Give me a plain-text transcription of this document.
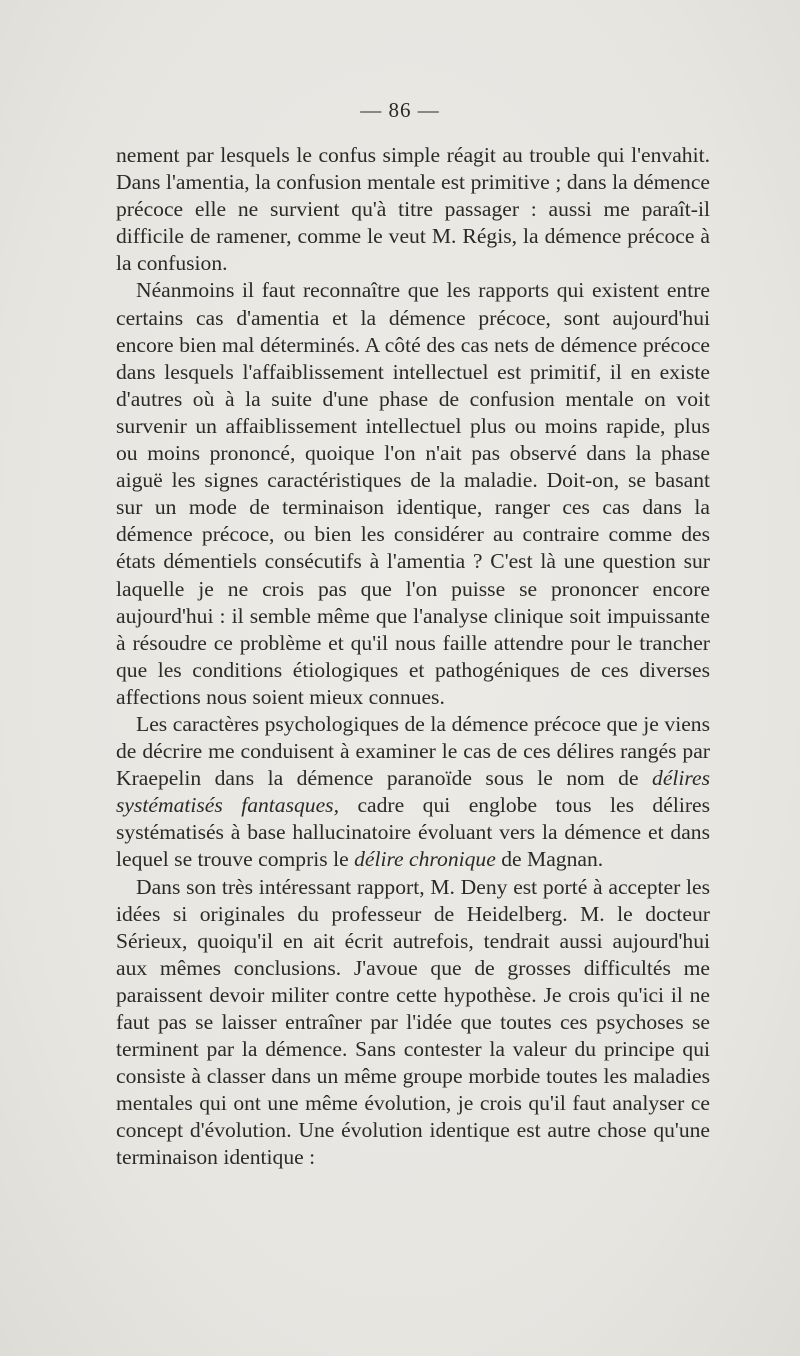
— 86 —

nement par lesquels le confus simple réagit au trouble qui l'envahit. Dans l'amentia, la confusion mentale est primitive ; dans la démence précoce elle ne survient qu'à titre passager : aussi me paraît-il difficile de ramener, comme le veut M. Régis, la démence précoce à la confusion.

Néanmoins il faut reconnaître que les rapports qui existent entre certains cas d'amentia et la démence précoce, sont aujourd'hui encore bien mal déterminés. A côté des cas nets de démence précoce dans lesquels l'affaiblissement intellectuel est primitif, il en existe d'autres où à la suite d'une phase de confusion mentale on voit survenir un affaiblissement intellectuel plus ou moins rapide, plus ou moins prononcé, quoique l'on n'ait pas observé dans la phase aiguë les signes caractéristiques de la maladie. Doit-on, se basant sur un mode de terminaison identique, ranger ces cas dans la démence précoce, ou bien les considérer au contraire comme des états démentiels consécutifs à l'amentia ? C'est là une question sur laquelle je ne crois pas que l'on puisse se prononcer encore aujourd'hui : il semble même que l'analyse clinique soit impuissante à résoudre ce problème et qu'il nous faille attendre pour le trancher que les conditions étiologiques et pathogéniques de ces diverses affections nous soient mieux connues.

Les caractères psychologiques de la démence précoce que je viens de décrire me conduisent à examiner le cas de ces délires rangés par Kraepelin dans la démence paranoïde sous le nom de délires systématisés fantasques, cadre qui englobe tous les délires systématisés à base hallucinatoire évoluant vers la démence et dans lequel se trouve compris le délire chronique de Magnan.

Dans son très intéressant rapport, M. Deny est porté à accepter les idées si originales du professeur de Heidelberg. M. le docteur Sérieux, quoiqu'il en ait écrit autrefois, tendrait aussi aujourd'hui aux mêmes conclusions. J'avoue que de grosses difficultés me paraissent devoir militer contre cette hypothèse. Je crois qu'ici il ne faut pas se laisser entraîner par l'idée que toutes ces psychoses se terminent par la démence. Sans contester la valeur du principe qui consiste à classer dans un même groupe morbide toutes les maladies mentales qui ont une même évolution, je crois qu'il faut analyser ce concept d'évolution. Une évolution identique est autre chose qu'une terminaison identique :
